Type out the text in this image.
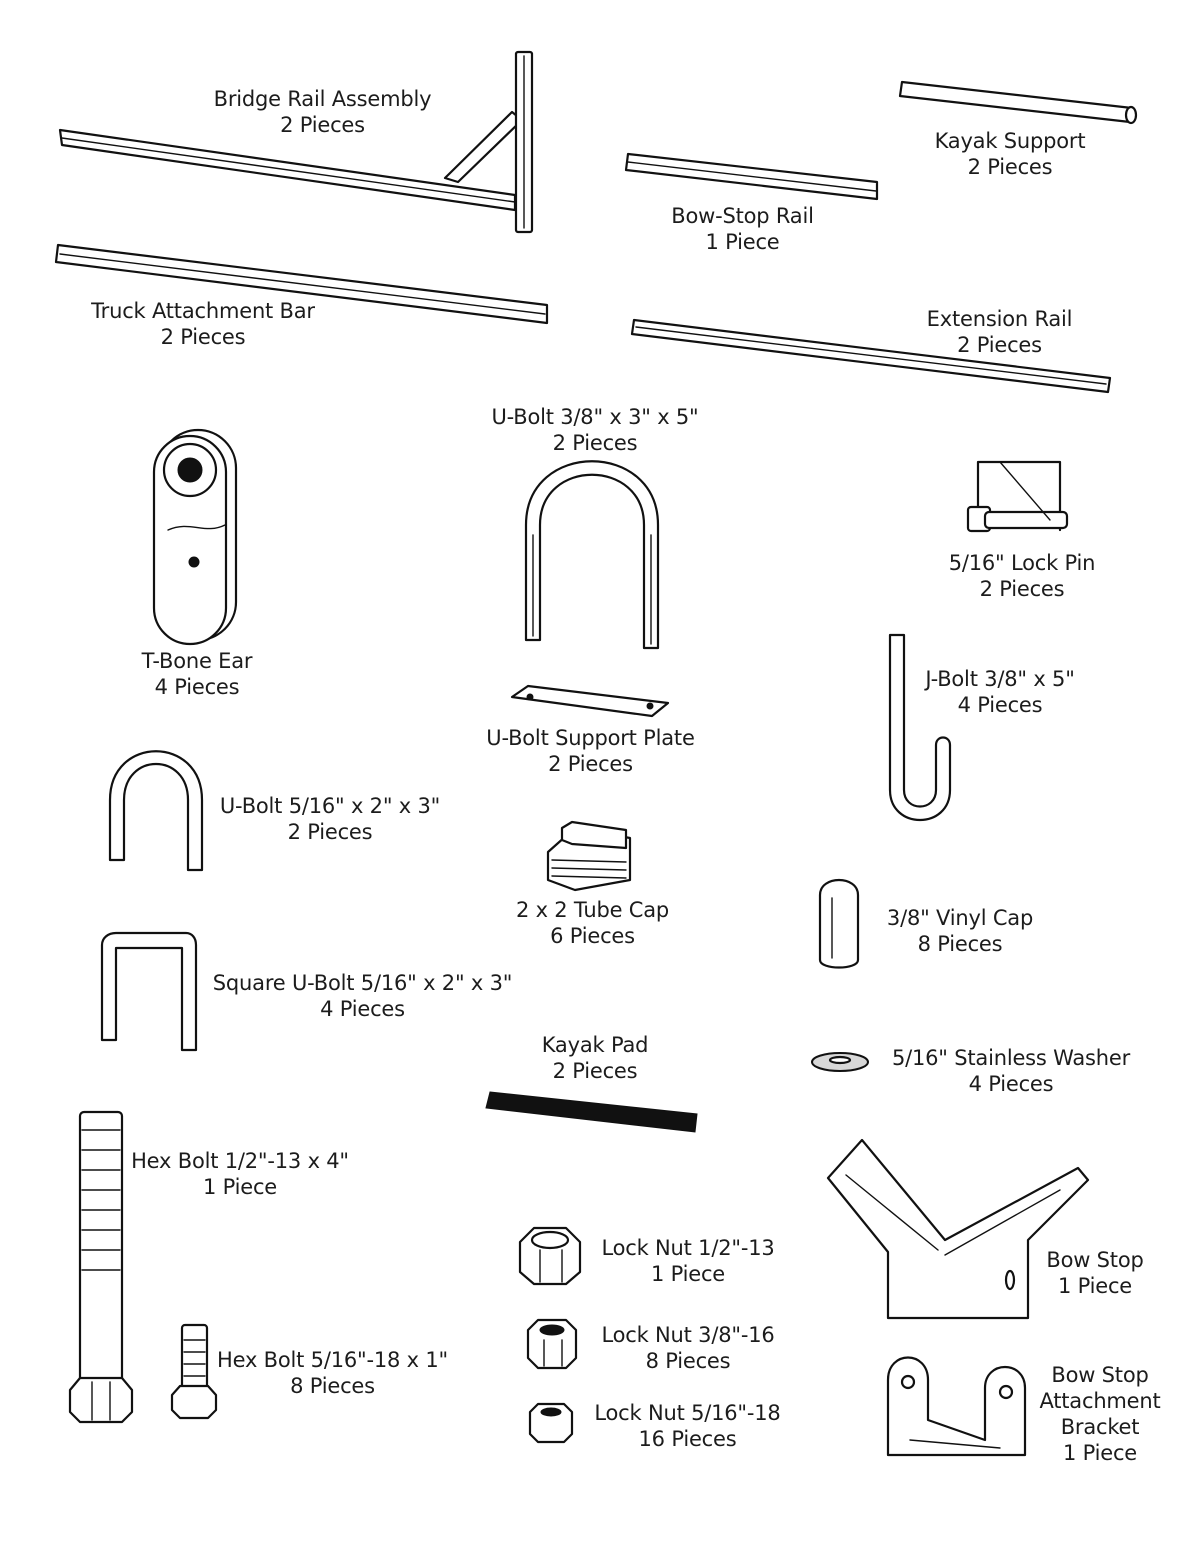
Bridge Rail Assembly
2 Pieces
Kayak Support
2 Pieces
Bow-Stop Rail
1 Piece
Truck Attachment Bar
2 Pieces
Extension Rail
2 Pieces
U-Bolt 3/8" x 3" x 5"
2 Pieces
T-Bone Ear
4 Pieces
5/16" Lock Pin
2 Pieces
J-Bolt 3/8" x 5"
4 Pieces
U-Bolt Support Plate
2 Pieces
U-Bolt 5/16" x 2" x 3"
2 Pieces
2 x 2 Tube Cap
6 Pieces
3/8" Vinyl Cap
8 Pieces
Square U-Bolt 5/16" x 2" x 3"
4 Pieces
Kayak Pad
2 Pieces
5/16" Stainless Washer
4 Pieces
Hex Bolt 1/2"-13 x 4"
1 Piece
Bow Stop
1 Piece
Lock Nut 1/2"-13
1 Piece
Lock Nut 3/8"-16
8 Pieces
Hex Bolt 5/16"-18 x 1"
8 Pieces
Lock Nut 5/16"-18
16 Pieces
Bow Stop
Attachment
Bracket
1 Piece
